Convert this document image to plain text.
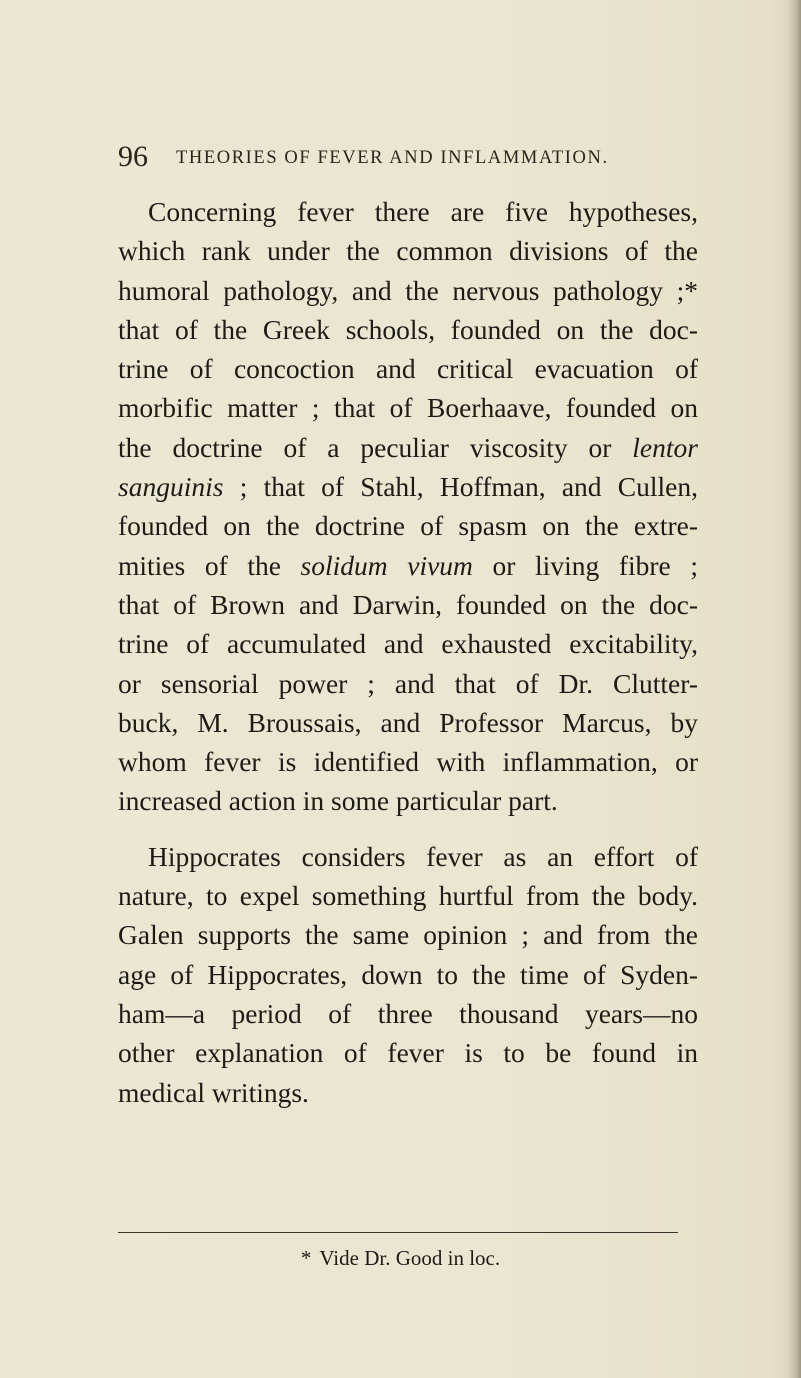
96 THEORIES OF FEVER AND INFLAMMATION.
Concerning fever there are five hypotheses,
which rank under the common divisions of the
humoral pathology, and the nervous pathology ;*
that of the Greek schools, founded on the doc-
trine of concoction and critical evacuation of
morbific matter ; that of Boerhaave, founded on
the doctrine of a peculiar viscosity or lentor
sanguinis ; that of Stahl, Hoffman, and Cullen,
founded on the doctrine of spasm on the extre-
mities of the solidum vivum or living fibre ;
that of Brown and Darwin, founded on the doc-
trine of accumulated and exhausted excitability,
or sensorial power ; and that of Dr. Clutter-
buck, M. Broussais, and Professor Marcus, by
whom fever is identified with inflammation, or
increased action in some particular part.
Hippocrates considers fever as an effort of
nature, to expel something hurtful from the body.
Galen supports the same opinion ; and from the
age of Hippocrates, down to the time of Syden-
ham—a period of three thousand years—no
other explanation of fever is to be found in
medical writings.
* Vide Dr. Good in loc.
